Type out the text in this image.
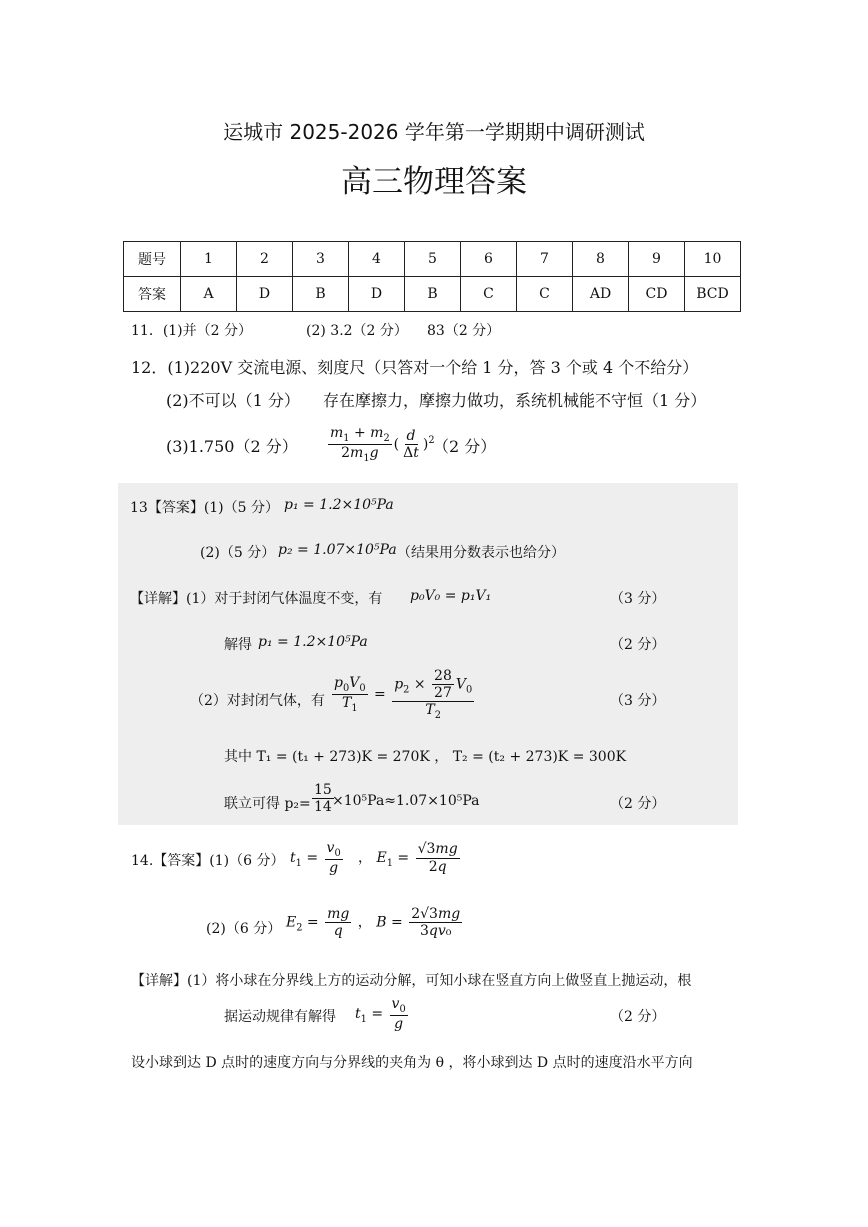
运城市 2025-2026 学年第一学期期中调研测试
高三物理答案
题号	1	2	3	4	5	6	7	8	9	10
答案	A	D	B	D	B	C	C	AD	CD	BCD
11．(1)并（2 分）	(2) 3.2（2 分） 83（2 分）
12．(1)220V 交流电源、刻度尺（只答对一个给 1 分，答 3 个或 4 个不给分）
(2)不可以（1 分） 存在摩擦力，摩擦力做功，系统机械能不守恒（1 分）
(3)1.750（2 分） $\frac{m_1 + m_2}{2m_1g}$ ( $\frac{d}{\Delta t} )^2$
（2 分）
13【答案】(1)（5 分） p₁ = 1.2×10⁵Pa
(2)（5 分） p₂ = 1.07×10⁵Pa （结果用分数表示也给分）
【详解】(1）对于封闭气体温度不变，有 p₀V₀ = p₁V₁	（3 分）
解得 p₁ = 1.2×10⁵Pa	（2 分）
（2）对封闭气体，有 $\frac{p_0V_0}{T_1} = \frac{p_2 \times \frac{28}{27} V_0}{T_2}$	（3 分）
其中 T₁ = (t₁ + 273)K = 270K ， T₂ = (t₂ + 273)K = 300K
联立可得 $p_2= \frac{15}{14}$
×10⁵Pa≈1.07×10⁵Pa	（2 分）
14.【答案】(1)（6 分） $t_1 = \frac{v_0}{g}$ ， $E_1 = \frac{√3mg}{2q}$
(2)（6 分） $E_2 = \frac{mg}{q}$ ， $B = \frac{2√3mg}{\text{3qv₀}}$
【详解】(1）将小球在分界线上方的运动分解，可知小球在竖直方向上做竖直上抛运动，根
据运动规律有解得 $t_1 = \frac{v_0}{g}$	（2 分）
设小球到达 D 点时的速度方向与分界线的夹角为 θ ，将小球到达 D 点时的速度沿水平方向
